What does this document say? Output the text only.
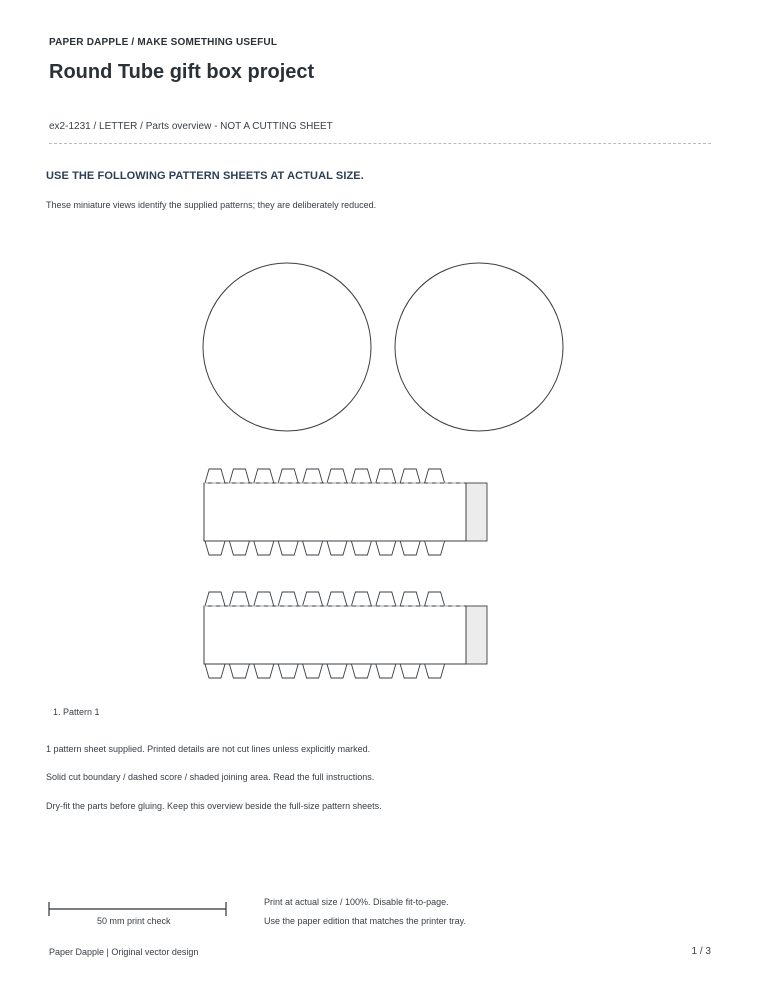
PAPER DAPPLE / MAKE SOMETHING USEFUL
Round Tube gift box project
ex2-1231 / LETTER / Parts overview - NOT A CUTTING SHEET
USE THE FOLLOWING PATTERN SHEETS AT ACTUAL SIZE.
These miniature views identify the supplied patterns; they are deliberately reduced.
1. Pattern 1
1 pattern sheet supplied. Printed details are not cut lines unless explicitly marked.
Solid cut boundary / dashed score / shaded joining area. Read the full instructions.
Dry-fit the parts before gluing. Keep this overview beside the full-size pattern sheets.
50 mm print check
Print at actual size / 100%. Disable fit-to-page.
Use the paper edition that matches the printer tray.
Paper Dapple | Original vector design	1 / 3
